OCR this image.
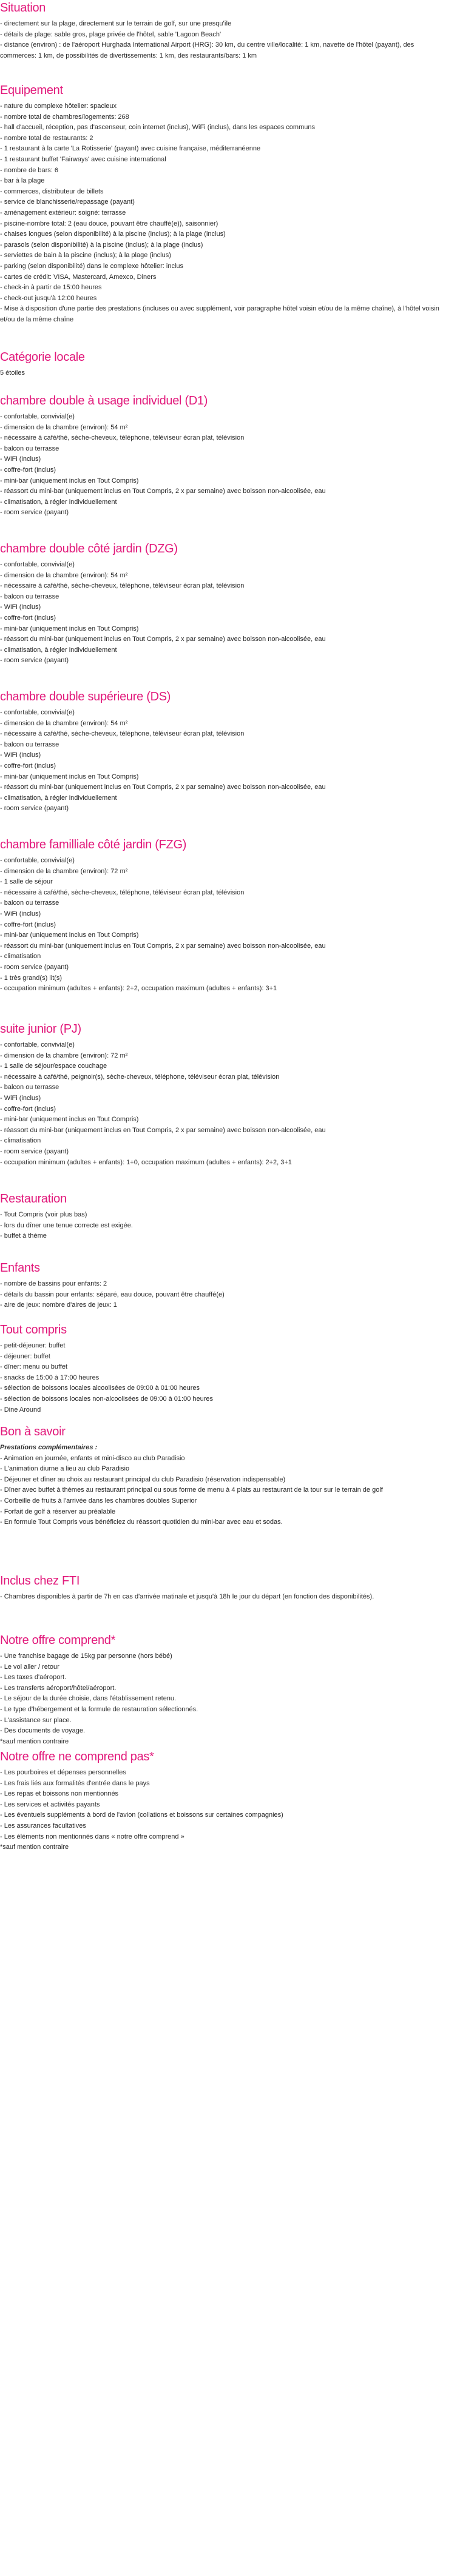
Situation

- directement sur la plage, directement sur le terrain de golf, sur une presqu'île

- détails de plage: sable gros, plage privée de l'hôtel, sable 'Lagoon Beach'

- distance (environ) : de l'aéroport Hurghada International Airport (HRG): 30 km, du centre ville/localité: 1 km, navette de l'hôtel (payant), des commerces: 1 km, de possibilités de divertissements: 1 km, des restaurants/bars: 1 km

Equipement

- nature du complexe hôtelier: spacieux

- nombre total de chambres/logements: 268

- hall d'accueil, réception, pas d'ascenseur, coin internet (inclus), WiFi (inclus), dans les espaces communs

- nombre total de restaurants: 2

- 1 restaurant à la carte 'La Rotisserie' (payant) avec cuisine française, méditerranéenne

- 1 restaurant buffet 'Fairways' avec cuisine international

- nombre de bars: 6

- bar à la plage

- commerces, distributeur de billets

- service de blanchisserie/repassage (payant)

- aménagement extérieur: soigné: terrasse

- piscine-nombre total: 2 (eau douce, pouvant être chauffé(e)), saisonnier)

- chaises longues (selon disponibilité) à la piscine (inclus); à la plage (inclus)

- parasols (selon disponibilité) à la piscine (inclus); à la plage (inclus)

- serviettes de bain à la piscine (inclus); à la plage (inclus)

- parking (selon disponibilité) dans le complexe hôtelier: inclus

- cartes de crédit: VISA, Mastercard, Amexco, Diners

- check-in à partir de 15:00 heures

- check-out jusqu'à 12:00 heures

- Mise à disposition d'une partie des prestations (incluses ou avec supplément, voir paragraphe hôtel voisin et/ou de la même chaîne), à l'hôtel voisin et/ou de la même chaîne

Catégorie locale

5 étoiles

chambre double à usage individuel (D1)

- confortable, convivial(e)

- dimension de la chambre (environ): 54 m²

- nécessaire à café/thé, sèche-cheveux, téléphone, téléviseur écran plat, télévision

- balcon ou terrasse

- WiFi (inclus)

- coffre-fort (inclus)

- mini-bar (uniquement inclus en Tout Compris)

- réassort du mini-bar (uniquement inclus en Tout Compris, 2 x par semaine) avec boisson non-alcoolisée, eau

- climatisation, à régler individuellement

- room service (payant)

chambre double côté jardin (DZG)

- confortable, convivial(e)

- dimension de la chambre (environ): 54 m²

- nécessaire à café/thé, sèche-cheveux, téléphone, téléviseur écran plat, télévision

- balcon ou terrasse

- WiFi (inclus)

- coffre-fort (inclus)

- mini-bar (uniquement inclus en Tout Compris)

- réassort du mini-bar (uniquement inclus en Tout Compris, 2 x par semaine) avec boisson non-alcoolisée, eau

- climatisation, à régler individuellement

- room service (payant)

chambre double supérieure (DS)

- confortable, convivial(e)

- dimension de la chambre (environ): 54 m²

- nécessaire à café/thé, sèche-cheveux, téléphone, téléviseur écran plat, télévision

- balcon ou terrasse

- WiFi (inclus)

- coffre-fort (inclus)

- mini-bar (uniquement inclus en Tout Compris)

- réassort du mini-bar (uniquement inclus en Tout Compris, 2 x par semaine) avec boisson non-alcoolisée, eau

- climatisation, à régler individuellement

- room service (payant)

chambre familliale côté jardin (FZG)

- confortable, convivial(e)

- dimension de la chambre (environ): 72 m²

- 1 salle de séjour

- nécessaire à café/thé, sèche-cheveux, téléphone, téléviseur écran plat, télévision

- balcon ou terrasse

- WiFi (inclus)

- coffre-fort (inclus)

- mini-bar (uniquement inclus en Tout Compris)

- réassort du mini-bar (uniquement inclus en Tout Compris, 2 x par semaine) avec boisson non-alcoolisée, eau

- climatisation

- room service (payant)

- 1 très grand(s) lit(s)

- occupation minimum (adultes + enfants): 2+2, occupation maximum (adultes + enfants): 3+1

suite junior (PJ)

- confortable, convivial(e)

- dimension de la chambre (environ): 72 m²

- 1 salle de séjour/espace couchage

- nécessaire à café/thé, peignoir(s), sèche-cheveux, téléphone, téléviseur écran plat, télévision

- balcon ou terrasse

- WiFi (inclus)

- coffre-fort (inclus)

- mini-bar (uniquement inclus en Tout Compris)

- réassort du mini-bar (uniquement inclus en Tout Compris, 2 x par semaine) avec boisson non-alcoolisée, eau

- climatisation

- room service (payant)

- occupation minimum (adultes + enfants): 1+0, occupation maximum (adultes + enfants): 2+2, 3+1

Restauration

- Tout Compris (voir plus bas)

- lors du dîner une tenue correcte est exigée.

- buffet à thème

Enfants

- nombre de bassins pour enfants: 2

- détails du bassin pour enfants: séparé, eau douce, pouvant être chauffé(e)

- aire de jeux: nombre d'aires de jeux: 1

Tout compris

- petit-déjeuner: buffet

- déjeuner: buffet

- dîner: menu ou buffet

- snacks de 15:00 à 17:00 heures

- sélection de boissons locales alcoolisées de 09:00 à 01:00 heures

- sélection de boissons locales non-alcoolisées de 09:00 à 01:00 heures

- Dine Around

Bon à savoir

Prestations complémentaires :

- Animation en journée, enfants et mini-disco au club Paradisio

- L'animation diurne a lieu au club Paradisio

- Déjeuner et dîner au choix au restaurant principal du club Paradisio (réservation indispensable)

- Dîner avec buffet à thèmes au restaurant principal ou sous forme de menu à 4 plats au restaurant de la tour sur le terrain de golf

- Corbeille de fruits à l'arrivée dans les chambres doubles Superior

- Forfait de golf à réserver au préalable

- En formule Tout Compris vous bénéficiez du réassort quotidien du mini-bar avec eau et sodas.

Inclus chez FTI

- Chambres disponibles à partir de 7h en cas d'arrivée matinale et jusqu'à 18h le jour du départ (en fonction des disponibilités).

Notre offre comprend*

- Une franchise bagage de 15kg par personne (hors bébé)

- Le vol aller / retour

- Les taxes d'aéroport.

- Les transferts aéroport/hôtel/aéroport.

- Le séjour de la durée choisie, dans l'établissement retenu.

- Le type d'hébergement et la formule de restauration sélectionnés.

- L'assistance sur place.

- Des documents de voyage.

*sauf mention contraire

Notre offre ne comprend pas*

- Les pourboires et dépenses personnelles

- Les frais liés aux formalités d'entrée dans le pays

- Les repas et boissons non mentionnés

- Les services et activités payants

- Les éventuels suppléments à bord de l'avion (collations et boissons sur certaines compagnies)

- Les assurances facultatives

- Les éléments non mentionnés dans « notre offre comprend »

*sauf mention contraire
